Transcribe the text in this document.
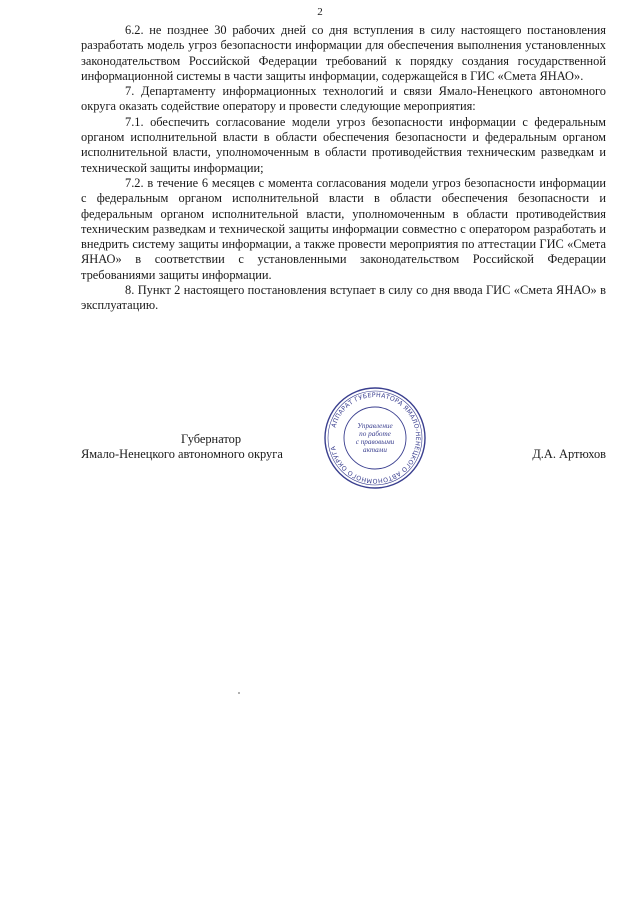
2

6.2. не позднее 30 рабочих дней со дня вступления в силу настоящего постановления разработать модель угроз безопасности информации для обеспечения выполнения установленных законодательством Российской Федерации требований к порядку создания государственной информационной системы в части защиты информации, содержащейся в ГИС «Смета ЯНАО».

7. Департаменту информационных технологий и связи Ямало-Ненецкого автономного округа оказать содействие оператору и провести следующие мероприятия:

7.1. обеспечить согласование модели угроз безопасности информации с федеральным органом исполнительной власти в области обеспечения безопасности и федеральным органом исполнительной власти, уполномоченным в области противодействия техническим разведкам и технической защиты информации;

7.2. в течение 6 месяцев с момента согласования модели угроз безопасности информации с федеральным органом исполнительной власти в области обеспечения безопасности и федеральным органом исполнительной власти, уполномоченным в области противодействия техническим разведкам и технической защиты информации совместно с оператором разработать и внедрить систему защиты информации, а также провести мероприятия по аттестации ГИС «Смета ЯНАО» в соответствии с установленными законодательством Российской Федерации требованиями защиты информации.

8. Пункт 2 настоящего постановления вступает в силу со дня ввода ГИС «Смета ЯНАО» в эксплуатацию.

Губернатор
Ямало-Ненецкого автономного округа	Д.А. Артюхов
АППАРАТ ГУБЕРНАТОРА ЯМАЛО-НЕНЕЦКОГО АВТОНОМНОГО ОКРУГА
Управление
по работе
с правовыми
актами
